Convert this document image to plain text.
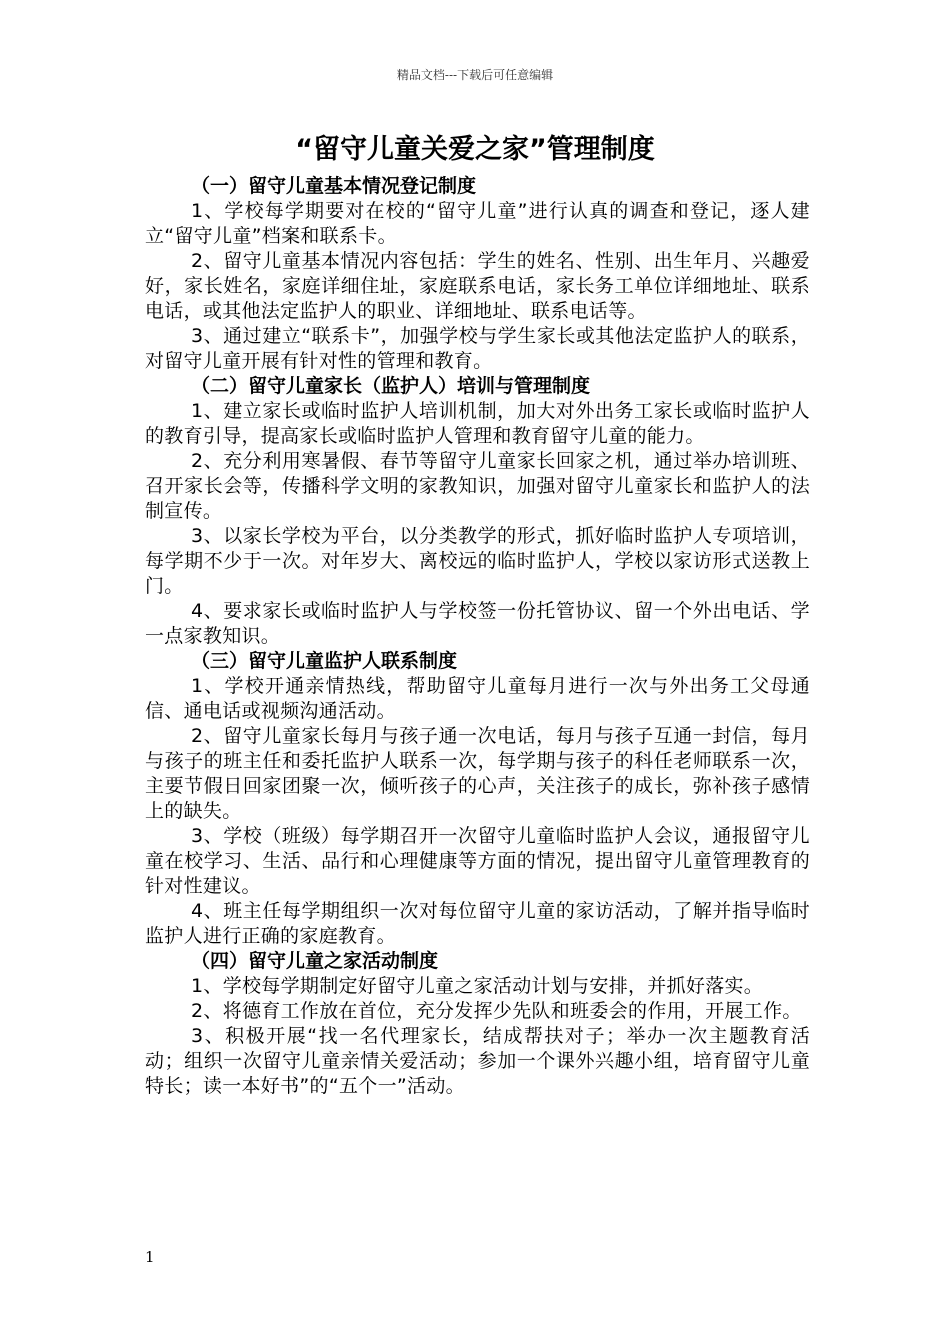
精品文档---下载后可任意编辑
“留守儿童关爱之家”管理制度

（一）留守儿童基本情况登记制度

1、学校每学期要对在校的“留守儿童”进行认真的调查和登记，逐人建立“留守儿童”档案和联系卡。

2、留守儿童基本情况内容包括：学生的姓名、性别、出生年月、兴趣爱好，家长姓名，家庭详细住址，家庭联系电话，家长务工单位详细地址、联系电话，或其他法定监护人的职业、详细地址、联系电话等。

3、通过建立“联系卡”，加强学校与学生家长或其他法定监护人的联系，对留守儿童开展有针对性的管理和教育。

（二）留守儿童家长（监护人）培训与管理制度

1、建立家长或临时监护人培训机制，加大对外出务工家长或临时监护人的教育引导，提高家长或临时监护人管理和教育留守儿童的能力。

2、充分利用寒暑假、春节等留守儿童家长回家之机，通过举办培训班、召开家长会等，传播科学文明的家教知识，加强对留守儿童家长和监护人的法制宣传。

3、以家长学校为平台，以分类教学的形式，抓好临时监护人专项培训，每学期不少于一次。对年岁大、离校远的临时监护人，学校以家访形式送教上门。

4、要求家长或临时监护人与学校签一份托管协议、留一个外出电话、学一点家教知识。

（三）留守儿童监护人联系制度

1、学校开通亲情热线，帮助留守儿童每月进行一次与外出务工父母通信、通电话或视频沟通活动。

2、留守儿童家长每月与孩子通一次电话，每月与孩子互通一封信，每月与孩子的班主任和委托监护人联系一次，每学期与孩子的科任老师联系一次，主要节假日回家团聚一次，倾听孩子的心声，关注孩子的成长，弥补孩子感情上的缺失。

3、学校（班级）每学期召开一次留守儿童临时监护人会议，通报留守儿童在校学习、生活、品行和心理健康等方面的情况，提出留守儿童管理教育的针对性建议。

4、班主任每学期组织一次对每位留守儿童的家访活动，了解并指导临时监护人进行正确的家庭教育。

（四）留守儿童之家活动制度

1、学校每学期制定好留守儿童之家活动计划与安排，并抓好落实。

2、将德育工作放在首位，充分发挥少先队和班委会的作用，开展工作。

3、积极开展“找一名代理家长，结成帮扶对子；举办一次主题教育活动；组织一次留守儿童亲情关爱活动；参加一个课外兴趣小组，培育留守儿童特长；读一本好书”的“五个一”活动。

1
